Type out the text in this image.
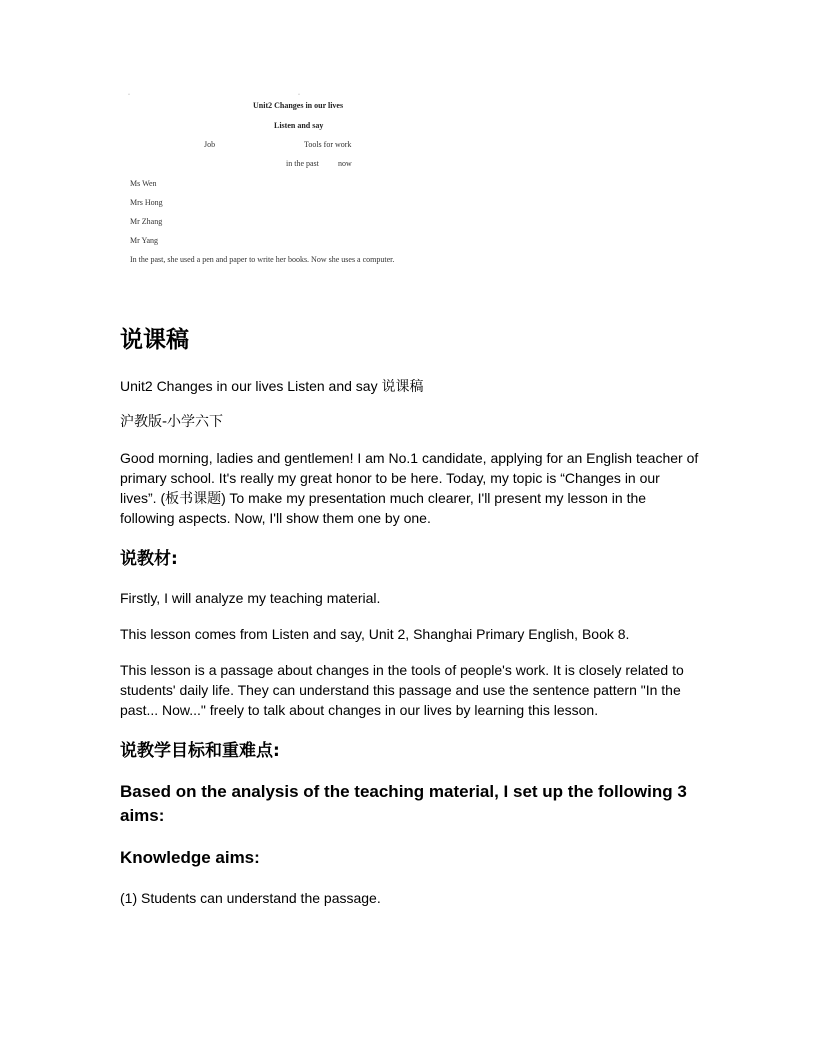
·	·
Unit2 Changes in our lives
Listen and say
Job	Tools for work
in the past now
Ms Wen
Mrs Hong
Mr Zhang
Mr Yang
In the past, she used a pen and paper to write her books. Now she uses a computer.
说课稿

Unit2 Changes in our lives Listen and say 说课稿

沪教版-小学六下

Good morning, ladies and gentlemen! I am No.1 candidate, applying for an English teacher of primary school. It's really my great honor to be here. Today, my topic is “Changes in our lives”. (板书课题) To make my presentation much clearer, I'll present my lesson in the following aspects. Now, I'll show them one by one.

说教材:

Firstly, I will analyze my teaching material.

This lesson comes from Listen and say, Unit 2, Shanghai Primary English, Book 8.

This lesson is a passage about changes in the tools of people's work. It is closely related to students' daily life. They can understand this passage and use the sentence pattern "In the past... Now..." freely to talk about changes in our lives by learning this lesson.

说教学目标和重难点:
Based on the analysis of the teaching material, I set up the following 3 aims:
Knowledge aims:

(1) Students can understand the passage.
